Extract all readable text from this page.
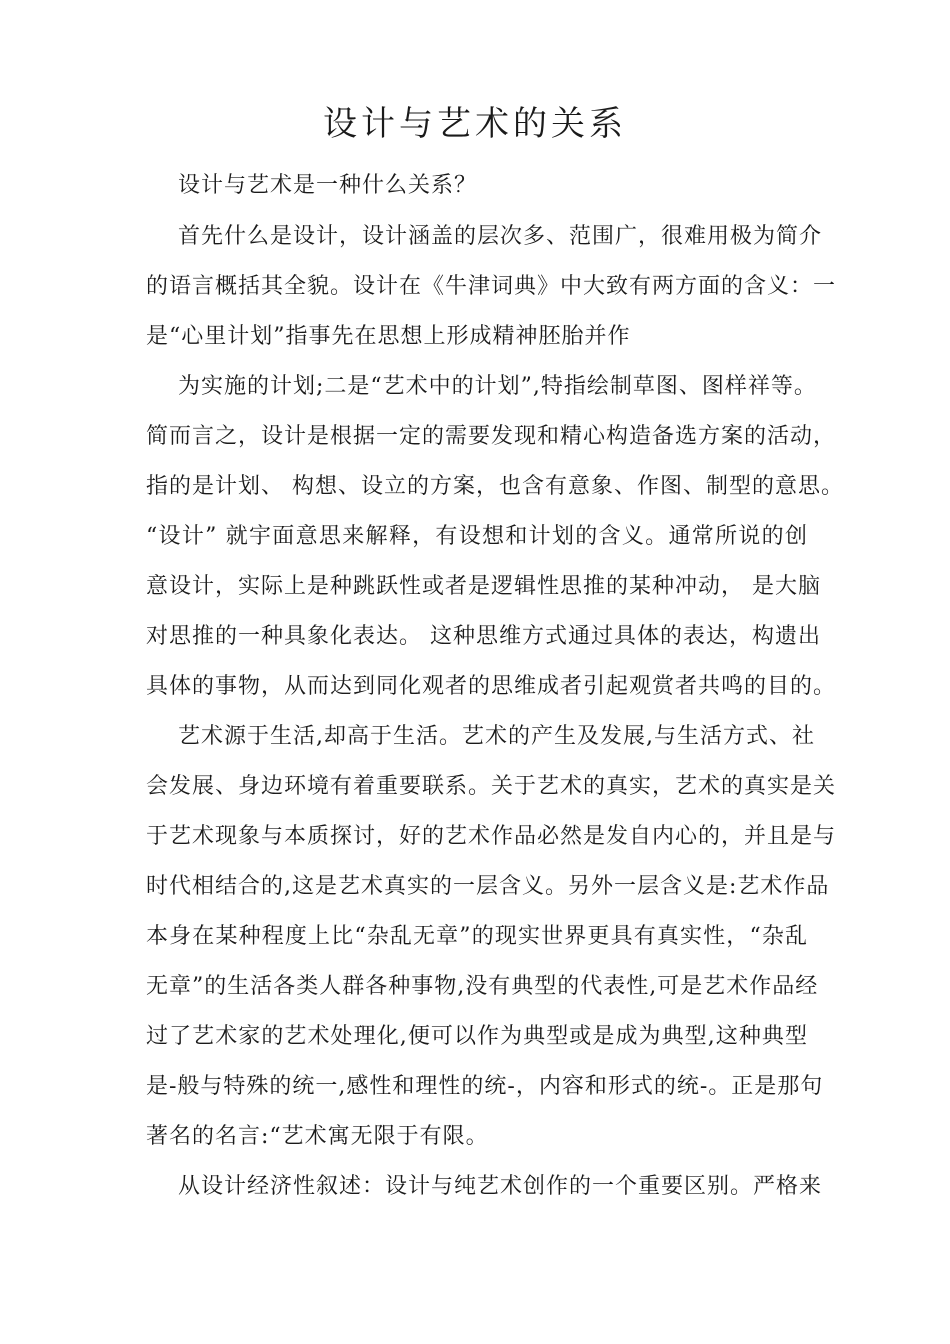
设计与艺术的关系
设计与艺术是一种什么关系？
首先什么是设计，设计涵盖的层次多、范围广，很难用极为简介
的语言概括其全貌。设计在《牛津词典》中大致有两方面的含义：一
是“心里计划”指事先在思想上形成精神胚胎并作
为实施的计划;二是“艺术中的计划”,特指绘制草图、图样祥等。
简而言之，设计是根据一定的需要发现和精心构造备选方案的活动，
指的是计划、 构想、设立的方案，也含有意象、作图、制型的意思。
“设计” 就宇面意思来解释，有设想和计划的含义。通常所说的创
意设计，实际上是种跳跃性或者是逻辑性思推的某种冲动， 是大脑
对思推的一种具象化表达。 这种思维方式通过具体的表达，构遗出
具体的事物，从而达到同化观者的思维成者引起观赏者共鸣的目的。
艺术源于生活,却高于生活。艺术的产生及发展,与生活方式、社
会发展、身边环境有着重要联系。关于艺术的真实，艺术的真实是关
于艺术现象与本质探讨，好的艺术作品必然是发自内心的，并且是与
时代相结合的,这是艺术真实的一层含义。另外一层含义是:艺术作品
本身在某种程度上比“杂乱无章”的现实世界更具有真实性，“杂乱
无章”的生活各类人群各种事物,没有典型的代表性,可是艺术作品经
过了艺术家的艺术处理化,便可以作为典型或是成为典型,这种典型
是-般与特殊的统一,感性和理性的统-，内容和形式的统-。正是那句
著名的名言:“艺术寓无限于有限。
从设计经济性叙述：设计与纯艺术创作的一个重要区别。严格来
